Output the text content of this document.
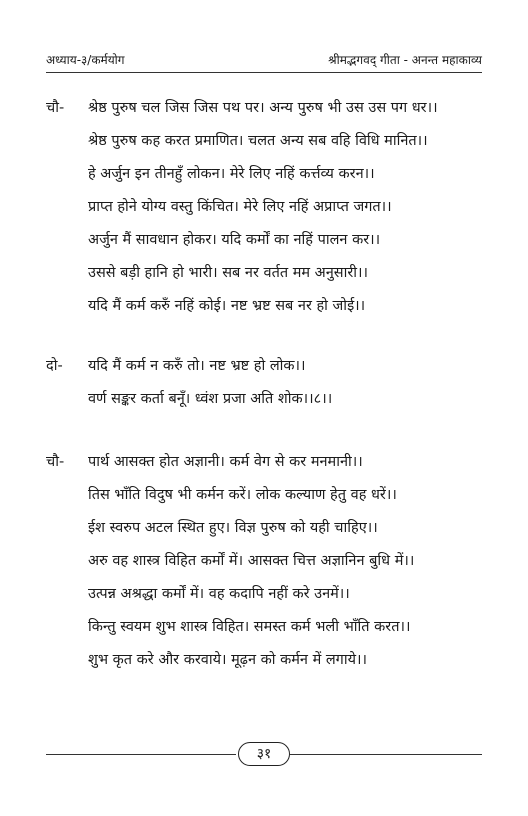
अध्याय-३/कर्मयोग	श्रीमद्भगवद् गीता - अनन्त महाकाव्य
चौ-	श्रेष्ठ पुरुष चल जिस जिस पथ पर। अन्य पुरुष भी उस उस पग धर।।
श्रेष्ठ पुरुष कह करत प्रमाणित। चलत अन्य सब वहि विधि मानित।।
हे अर्जुन इन तीनहुँ लोकन। मेरे लिए नहिं कर्त्तव्य करन।।
प्राप्त होने योग्य वस्तु किंचित। मेरे लिए नहिं अप्राप्त जगत।।
अर्जुन मैं सावधान होकर। यदि कर्मों का नहिं पालन कर।।
उससे बड़ी हानि हो भारी। सब नर वर्तत मम अनुसारी।।
यदि मैं कर्म करुँ नहिं कोई। नष्ट भ्रष्ट सब नर हो जोई।।
दो-	यदि मैं कर्म न करुँ तो। नष्ट भ्रष्ट हो लोक।।
वर्ण सङ्कर कर्ता बनूँ। ध्वंश प्रजा अति शोक।।८।।
चौ-	पार्थ आसक्त होत अज्ञानी। कर्म वेग से कर मनमानी।।
तिस भाँति विदुष भी कर्मन करें। लोक कल्याण हेतु वह धरें।।
ईश स्वरुप अटल स्थित हुए। विज्ञ पुरुष को यही चाहिए।।
अरु वह शास्त्र विहित कर्मों में। आसक्त चित्त अज्ञानिन बुधि में।।
उत्पन्न अश्रद्धा कर्मों में। वह कदापि नहीं करे उनमें।।
किन्तु स्वयम शुभ शास्त्र विहित। समस्त कर्म भली भाँति करत।।
शुभ कृत करे और करवाये। मूढ़न को कर्मन में लगाये।।
३१
